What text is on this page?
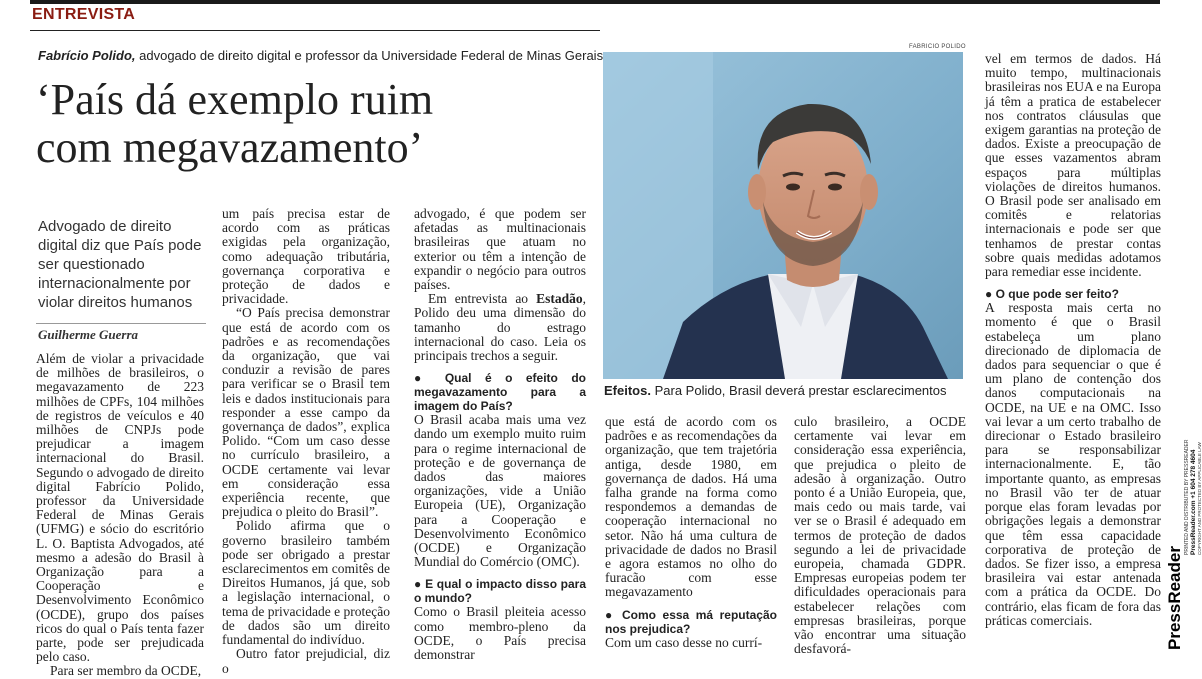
ENTREVISTA
Fabrício Polido, advogado de direito digital e professor da Universidade Federal de Minas Gerais
‘País dá exemplo ruim
com megavazamento’
Advogado de direito digital diz que País pode ser questionado internacionalmente por violar direitos humanos
Guilherme Guerra

Além de violar a privacidade de milhões de brasileiros, o megavazamento de 223 milhões de CPFs, 104 milhões de registros de veículos e 40 milhões de CNPJs pode prejudicar a imagem internacional do Brasil. Segundo o advogado de direito digital Fabrício Polido, professor da Universidade Federal de Minas Gerais (UFMG) e sócio do escritório L. O. Baptista Advogados, até mesmo a adesão do Brasil à Organização para a Cooperação e Desenvolvimento Econômico (OCDE), grupo dos países ricos do qual o País tenta fazer parte, pode ser prejudicada pelo caso.

Para ser membro da OCDE,

um país precisa estar de acordo com as práticas exigidas pela organização, como adequação tributária, governança corporativa e proteção de dados e privacidade.

“O País precisa demonstrar que está de acordo com os padrões e as recomendações da organização, que vai conduzir a revisão de pares para verificar se o Brasil tem leis e dados institucionais para responder a esse campo da governança de dados”, explica Polido. “Com um caso desse no currículo brasileiro, a OCDE certamente vai levar em consideração essa experiência recente, que prejudica o pleito do Brasil”.

Polido afirma que o governo brasileiro também pode ser obrigado a prestar esclarecimentos em comitês de Direitos Humanos, já que, sob a legislação internacional, o tema de privacidade e proteção de dados são um direito fundamental do indivíduo.

Outro fator prejudicial, diz o

advogado, é que podem ser afetadas as multinacionais brasileiras que atuam no exterior ou têm a intenção de expandir o negócio para outros países.

Em entrevista ao Estadão, Polido deu uma dimensão do tamanho do estrago internacional do caso. Leia os principais trechos a seguir.

● Qual é o efeito do megavazamento para a imagem do País?

O Brasil acaba mais uma vez dando um exemplo muito ruim para o regime internacional de proteção e de governança de dados das maiores organizações, vide a União Europeia (UE), Organização para a Cooperação e Desenvolvimento Econômico (OCDE) e Organização Mundial do Comércio (OMC).

● E qual o impacto disso para o mundo?

Como o Brasil pleiteia acesso como membro-pleno da OCDE, o País precisa demonstrar

FABRICIO POLIDO
Efeitos. Para Polido, Brasil deverá prestar esclarecimentos

que está de acordo com os padrões e as recomendações da organização, que tem trajetória antiga, desde 1980, em governança de dados. Há uma falha grande na forma como respondemos a demandas de cooperação internacional no setor. Não há uma cultura de privacidade de dados no Brasil e agora estamos no olho do furacão com esse megavazamento

● Como essa má reputação nos prejudica?

Com um caso desse no currí-

culo brasileiro, a OCDE certamente vai levar em consideração essa experiência, que prejudica o pleito de adesão à organização. Outro ponto é a União Europeia, que, mais cedo ou mais tarde, vai ver se o Brasil é adequado em termos de proteção de dados segundo a lei de privacidade europeia, chamada GDPR. Empresas europeias podem ter dificuldades operacionais para estabelecer relações com empresas brasileiras, porque vão encontrar uma situação desfavorá-

vel em termos de dados. Há muito tempo, multinacionais brasileiras nos EUA e na Europa já têm a pratica de estabelecer nos contratos cláusulas que exigem garantias na proteção de dados. Existe a preocupação de que esses vazamentos abram espaços para múltiplas violações de direitos humanos. O Brasil pode ser analisado em comitês e relatorias internacionais e pode ser que tenhamos de prestar contas sobre quais medidas adotamos para remediar esse incidente.

● O que pode ser feito?

A resposta mais certa no momento é que o Brasil estabeleça um plano direcionado de diplomacia de dados para sequenciar o que é um plano de contenção dos danos computacionais na OCDE, na UE e na OMC. Isso vai levar a um certo trabalho de direcionar o Estado brasileiro para se responsabilizar internacionalmente. E, tão importante quanto, as empresas no Brasil vão ter de atuar porque elas foram levadas por obrigações legais a demonstrar que têm essa capacidade corporativa de proteção de dados. Se fizer isso, a empresa brasileira vai estar antenada com a prática da OCDE. Do contrário, elas ficam de fora das práticas comerciais.	PressReader
PRINTED AND DISTRIBUTED BY PRESSREADER PressReader.com +1 604 278 4604 COPYRIGHT AND PROTECTED BY APPLICABLE LAW
